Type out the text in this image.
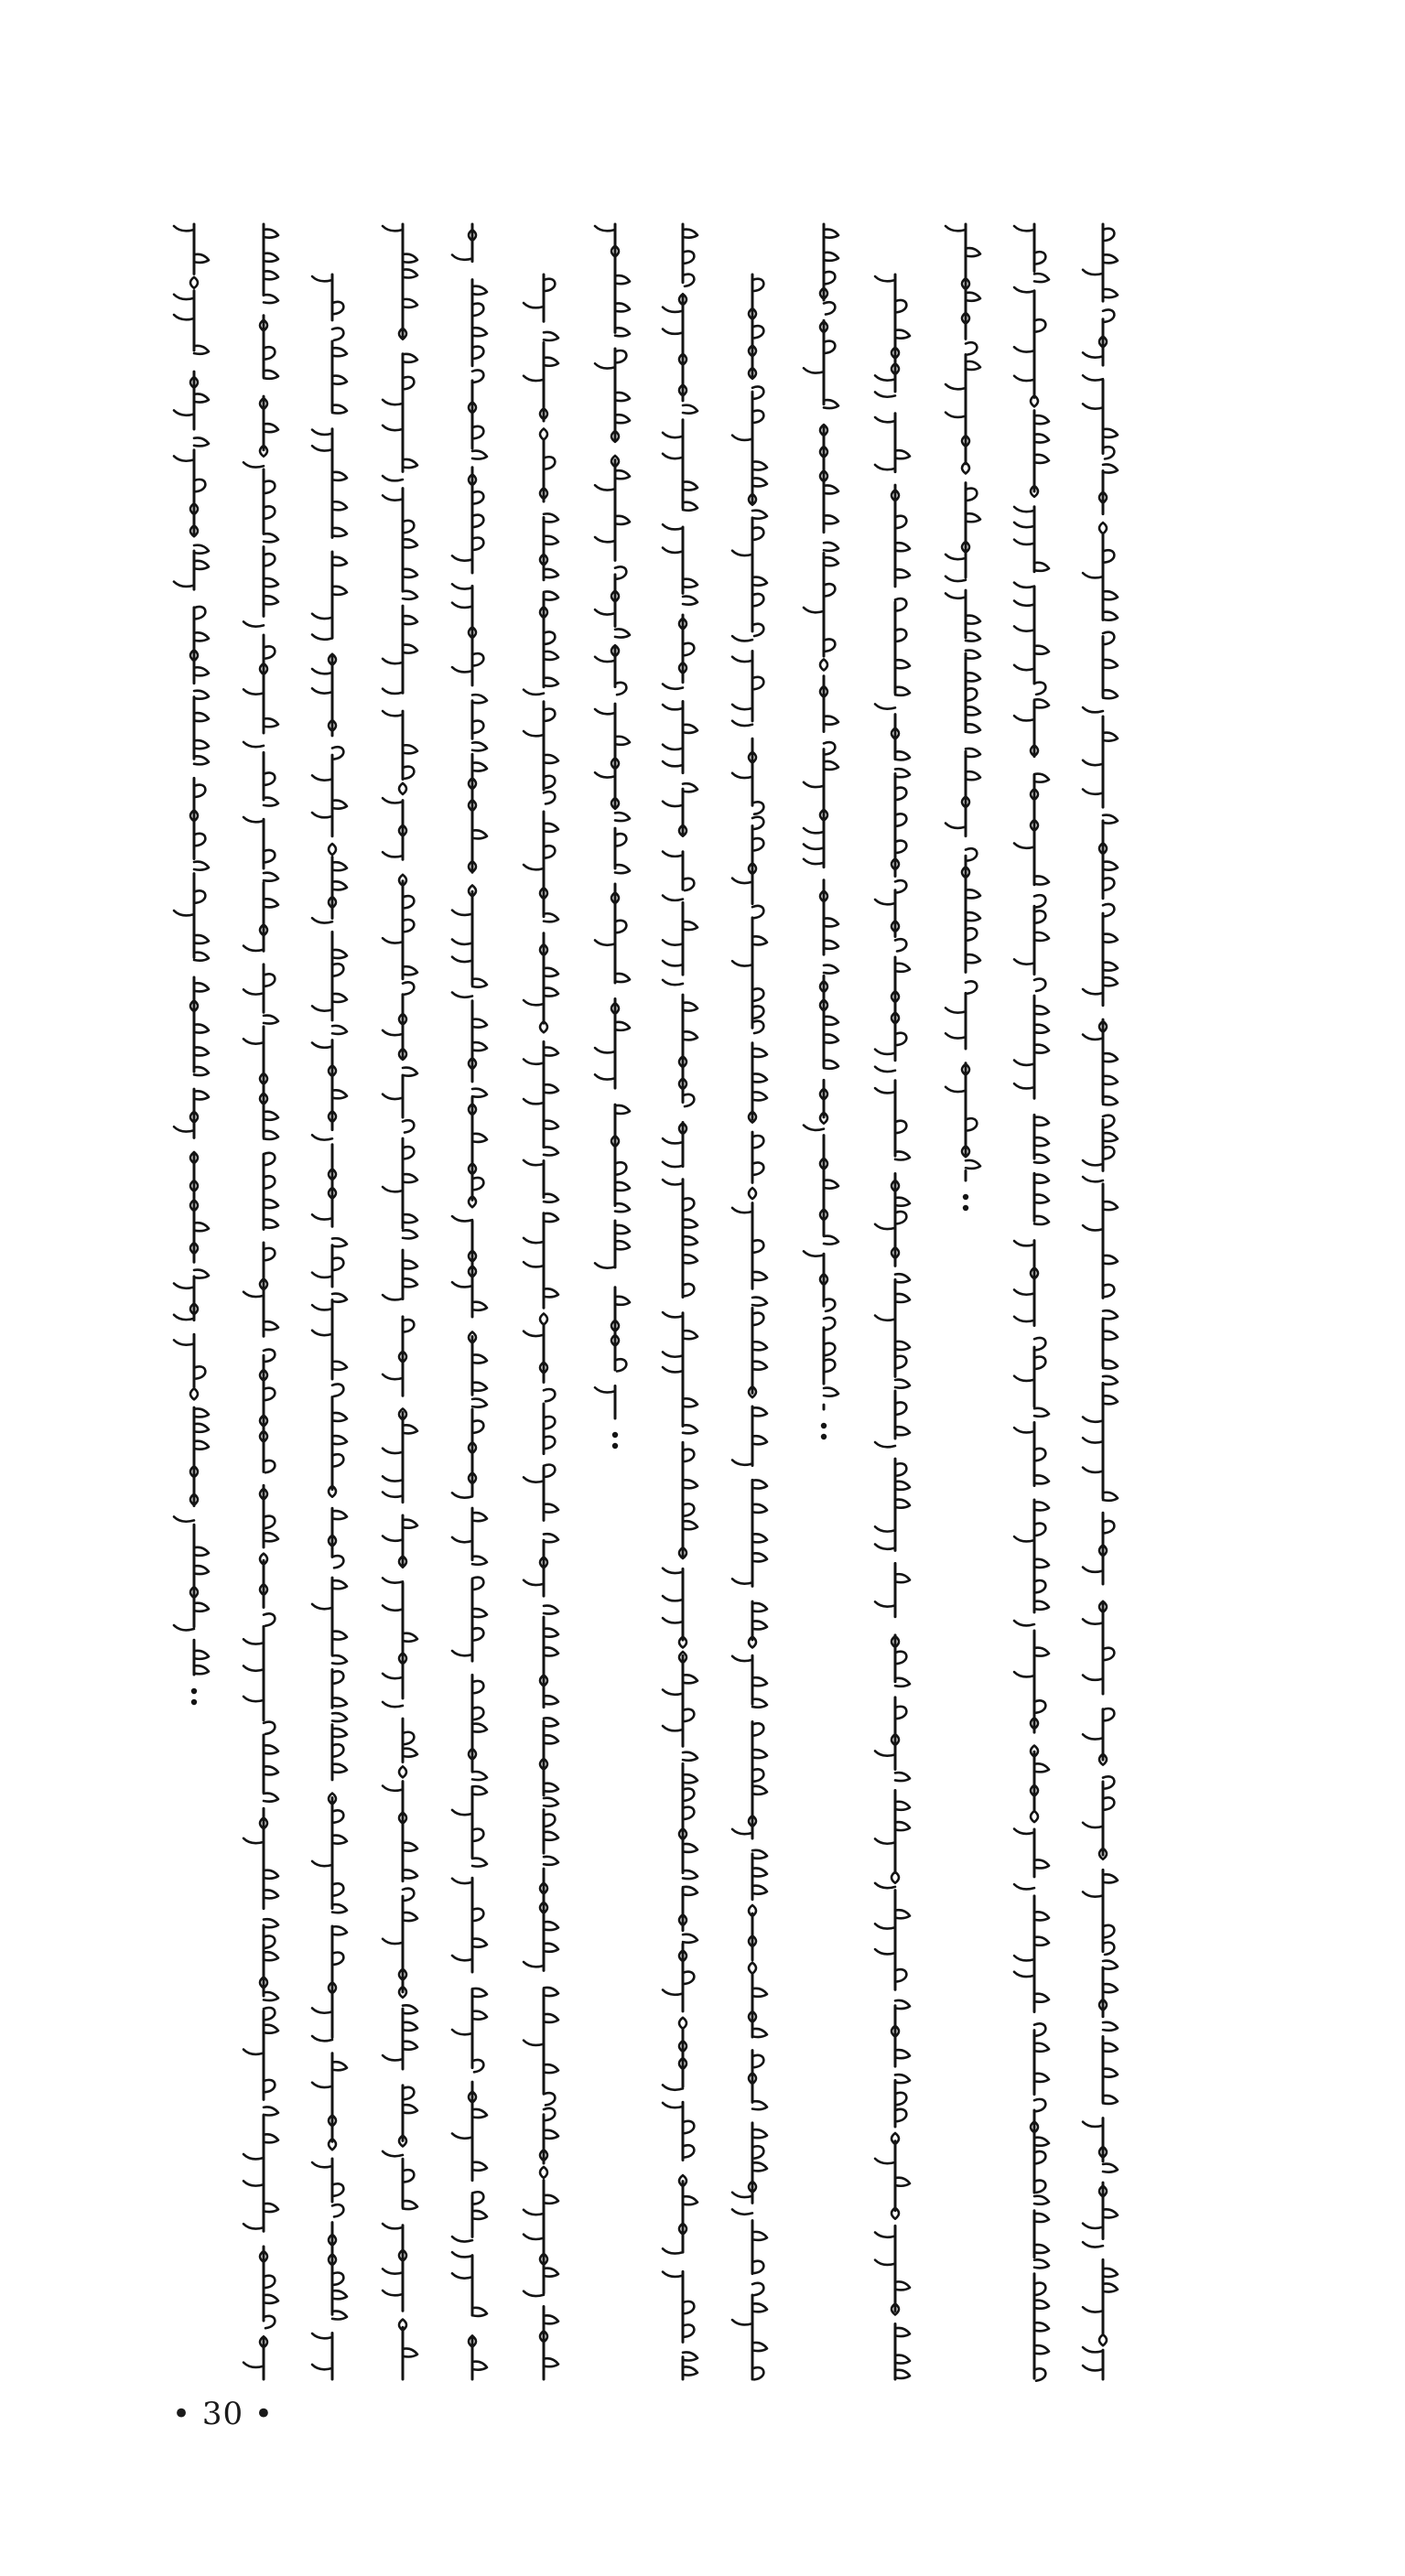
• 30 •
